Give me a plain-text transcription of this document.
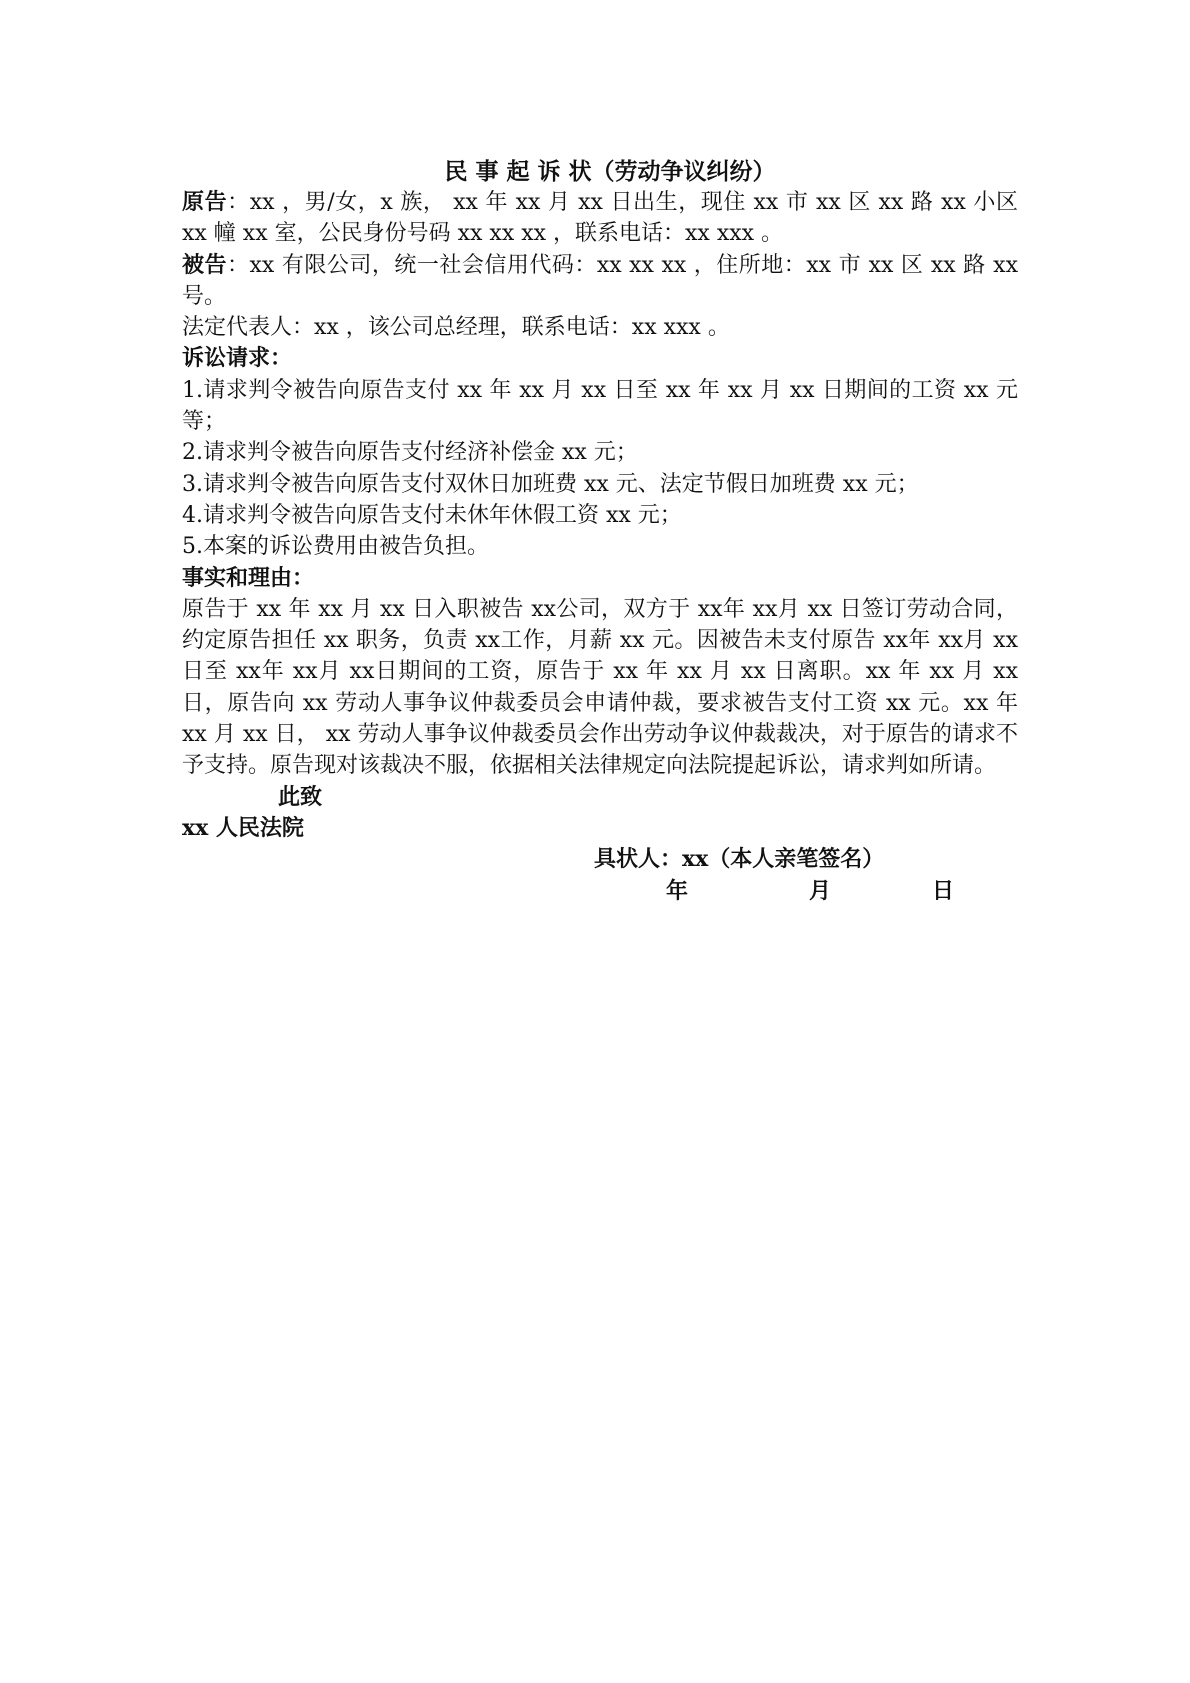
民 事 起 诉 状（劳动争议纠纷）

原告：xx ，男/女，x 族， xx 年 xx 月 xx 日出生，现住 xx 市 xx 区 xx 路 xx 小区 xx 幢 xx 室，公民身份号码 xx xx xx ，联系电话：xx xxx 。

被告：xx 有限公司，统一社会信用代码：xx xx xx ，住所地：xx 市 xx 区 xx 路 xx 号。

法定代表人：xx ，该公司总经理，联系电话：xx xxx 。

诉讼请求：

1.请求判令被告向原告支付 xx 年 xx 月 xx 日至 xx 年 xx 月 xx 日期间的工资 xx 元等；

2.请求判令被告向原告支付经济补偿金 xx 元；

3.请求判令被告向原告支付双休日加班费 xx 元、法定节假日加班费 xx 元；

4.请求判令被告向原告支付未休年休假工资 xx 元；

5.本案的诉讼费用由被告负担。

事实和理由：

原告于 xx 年 xx 月 xx 日入职被告 xx公司，双方于 xx年 xx月 xx 日签订劳动合同，约定原告担任 xx 职务，负责 xx工作，月薪 xx 元。因被告未支付原告 xx年 xx月 xx日至 xx年 xx月 xx日期间的工资，原告于 xx 年 xx 月 xx 日离职。xx 年 xx 月 xx 日，原告向 xx 劳动人事争议仲裁委员会申请仲裁，要求被告支付工资 xx 元。xx 年 xx 月 xx 日， xx 劳动人事争议仲裁委员会作出劳动争议仲裁裁决，对于原告的请求不予支持。原告现对该裁决不服，依据相关法律规定向法院提起诉讼，请求判如所请。

此致

xx 人民法院

具状人：xx（本人亲笔签名）

年	月	日
